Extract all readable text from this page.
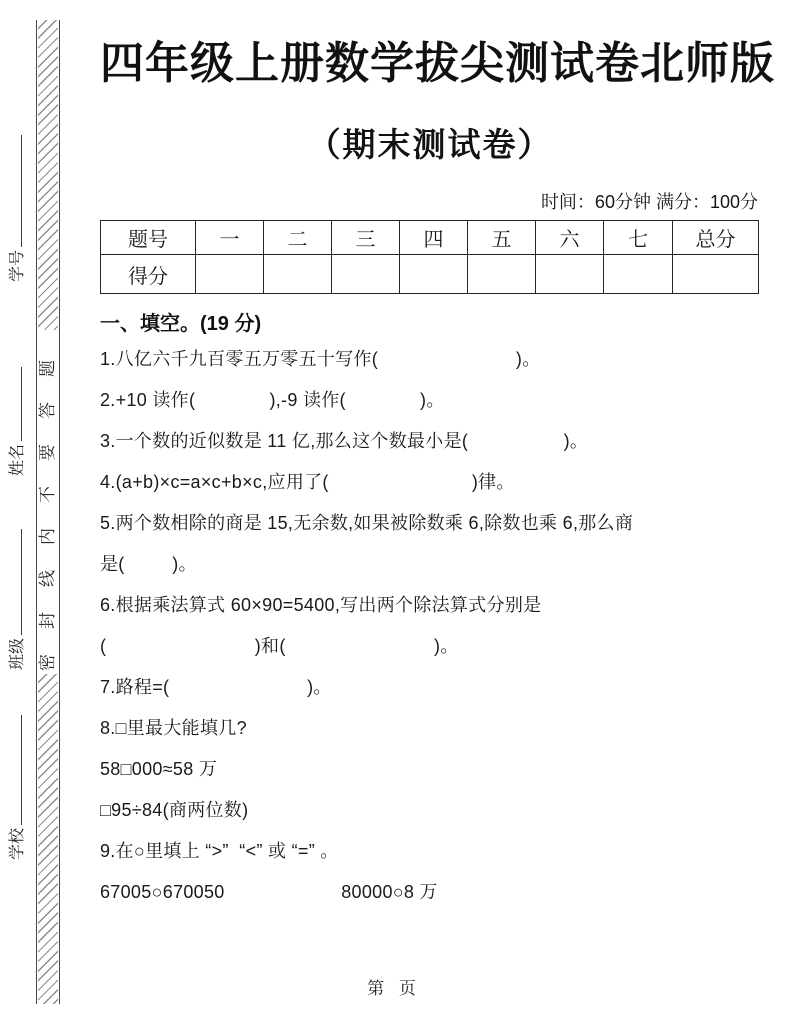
密封线内不要答题
学号
姓名
班级
学校
四年级上册数学拔尖测试卷北师版
（期末测试卷）
时间：60分钟 满分：100分
题号	一	二	三	四	五	六	七	总分
得分								
一、填空。(19 分)
1.八亿六千九百零五万零五十写作(                          )。
2.+10 读作(              ),-9 读作(              )。
3.一个数的近似数是 11 亿,那么这个数最小是(                  )。
4.(a+b)×c=a×c+b×c,应用了(                           )律。
5.两个数相除的商是 15,无余数,如果被除数乘 6,除数也乘 6,那么商
是(         )。
6.根据乘法算式 60×90=5400,写出两个除法算式分别是
(                            )和(                            )。
7.路程=(                          )。
8.□里最大能填几?
58□000≈58 万
□95÷84(商两位数)
9.在○里填上 “>”  “<” 或 “=” 。
67005○670050                      80000○8 万
第 页
